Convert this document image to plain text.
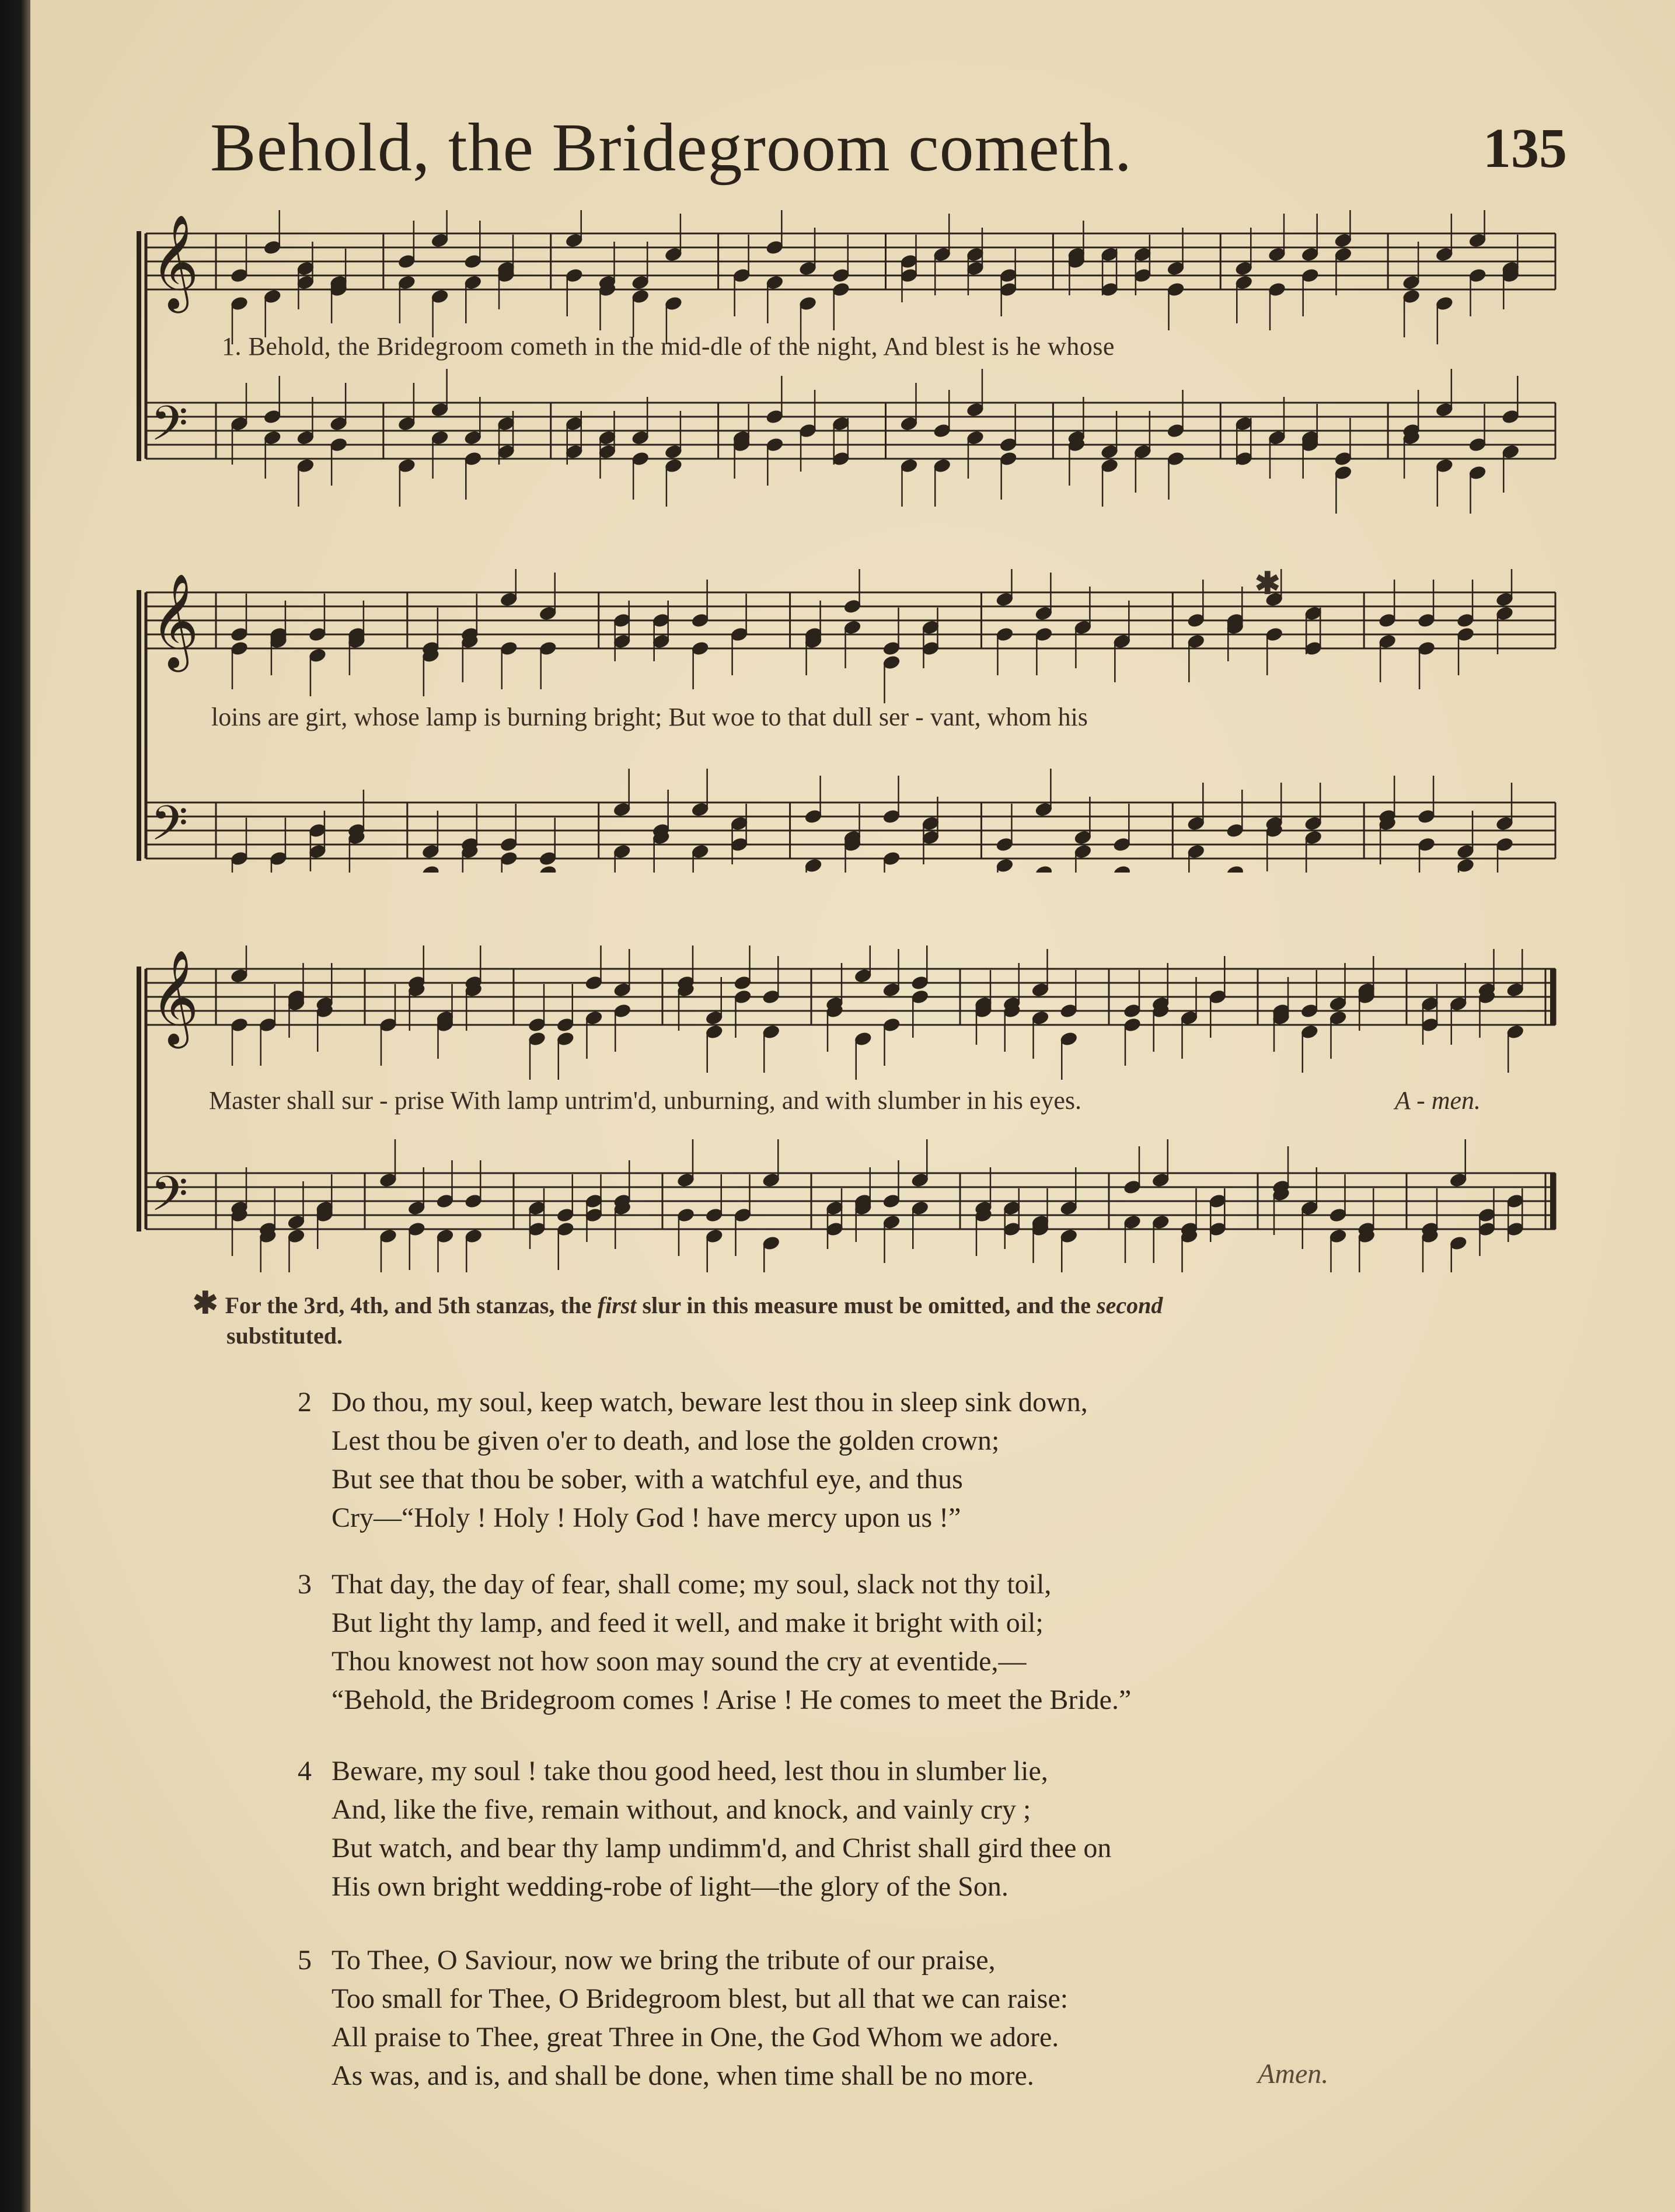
Behold, the Bridegroom cometh.	135
𝄞
𝄢
1. Behold, the Bridegroom cometh in the mid-dle of the night, And blest is he whose
𝄞
𝄢
loins are girt, whose lamp is burning bright; But woe to that dull ser - vant, whom his
✱
𝄞
𝄢
Master shall sur - prise With lamp untrim'd, unburning, and with slumber in his eyes.	A - men.
✱ For the 3rd, 4th, and 5th stanzas, the first slur in this measure must be omitted, and the second
substituted.
2 Do thou, my soul, keep watch, beware lest thou in sleep sink down,
Lest thou be given o'er to death, and lose the golden crown;
But see that thou be sober, with a watchful eye, and thus
Cry—“Holy ! Holy ! Holy God ! have mercy upon us !”
3 That day, the day of fear, shall come; my soul, slack not thy toil,
But light thy lamp, and feed it well, and make it bright with oil;
Thou knowest not how soon may sound the cry at eventide,—
“Behold, the Bridegroom comes ! Arise ! He comes to meet the Bride.”
4 Beware, my soul ! take thou good heed, lest thou in slumber lie,
And, like the five, remain without, and knock, and vainly cry ;
But watch, and bear thy lamp undimm'd, and Christ shall gird thee on
His own bright wedding-robe of light—the glory of the Son.
5 To Thee, O Saviour, now we bring the tribute of our praise,
Too small for Thee, O Bridegroom blest, but all that we can raise:
All praise to Thee, great Three in One, the God Whom we adore.
As was, and is, and shall be done, when time shall be no more.	Amen.
